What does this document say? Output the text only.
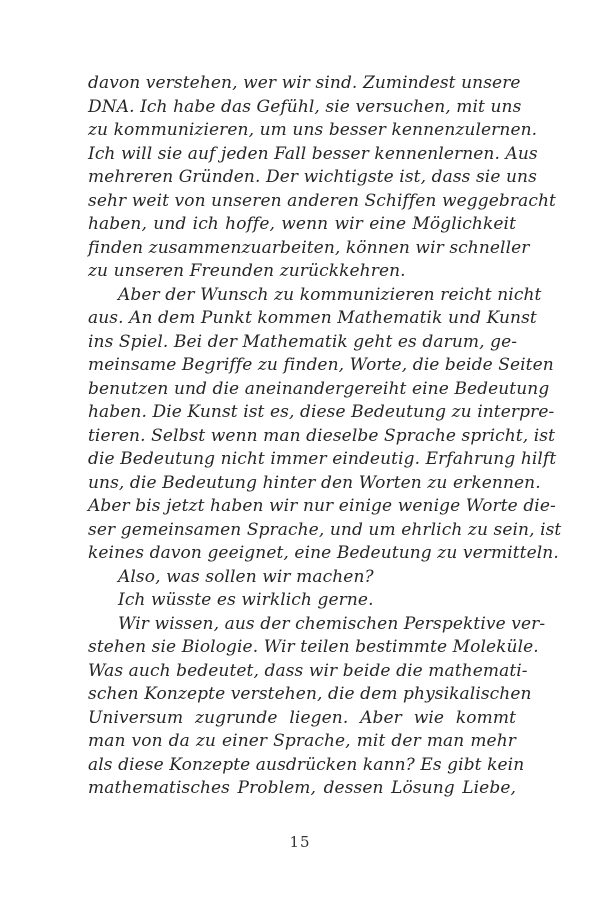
davon verstehen, wer wir sind. Zumindest unsere
DNA. Ich habe das Gefühl, sie versuchen, mit uns
zu kommunizieren, um uns besser kennenzulernen.
Ich will sie auf jeden Fall besser kennenlernen. Aus
mehreren Gründen. Der wichtigste ist, dass sie uns
sehr weit von unseren anderen Schiffen weggebracht
haben, und ich hoffe, wenn wir eine Möglichkeit
finden zusammenzuarbeiten, können wir schneller
zu unseren Freunden zurückkehren.
Aber der Wunsch zu kommunizieren reicht nicht
aus. An dem Punkt kommen Mathematik und Kunst
ins Spiel. Bei der Mathematik geht es darum, ge-
meinsame Begriffe zu finden, Worte, die beide Seiten
benutzen und die aneinandergereiht eine Bedeutung
haben. Die Kunst ist es, diese Bedeutung zu interpre-
tieren. Selbst wenn man dieselbe Sprache spricht, ist
die Bedeutung nicht immer eindeutig. Erfahrung hilft
uns, die Bedeutung hinter den Worten zu erkennen.
Aber bis jetzt haben wir nur einige wenige Worte die-
ser gemeinsamen Sprache, und um ehrlich zu sein, ist
keines davon geeignet, eine Bedeutung zu vermitteln.
Also, was sollen wir machen?
Ich wüsste es wirklich gerne.
Wir wissen, aus der chemischen Perspektive ver-
stehen sie Biologie. Wir teilen bestimmte Moleküle.
Was auch bedeutet, dass wir beide die mathemati-
schen Konzepte verstehen, die dem physikalischen
Universum zugrunde liegen. Aber wie kommt
man von da zu einer Sprache, mit der man mehr
als diese Konzepte ausdrücken kann? Es gibt kein
mathematisches Problem, dessen Lösung Liebe,
15
